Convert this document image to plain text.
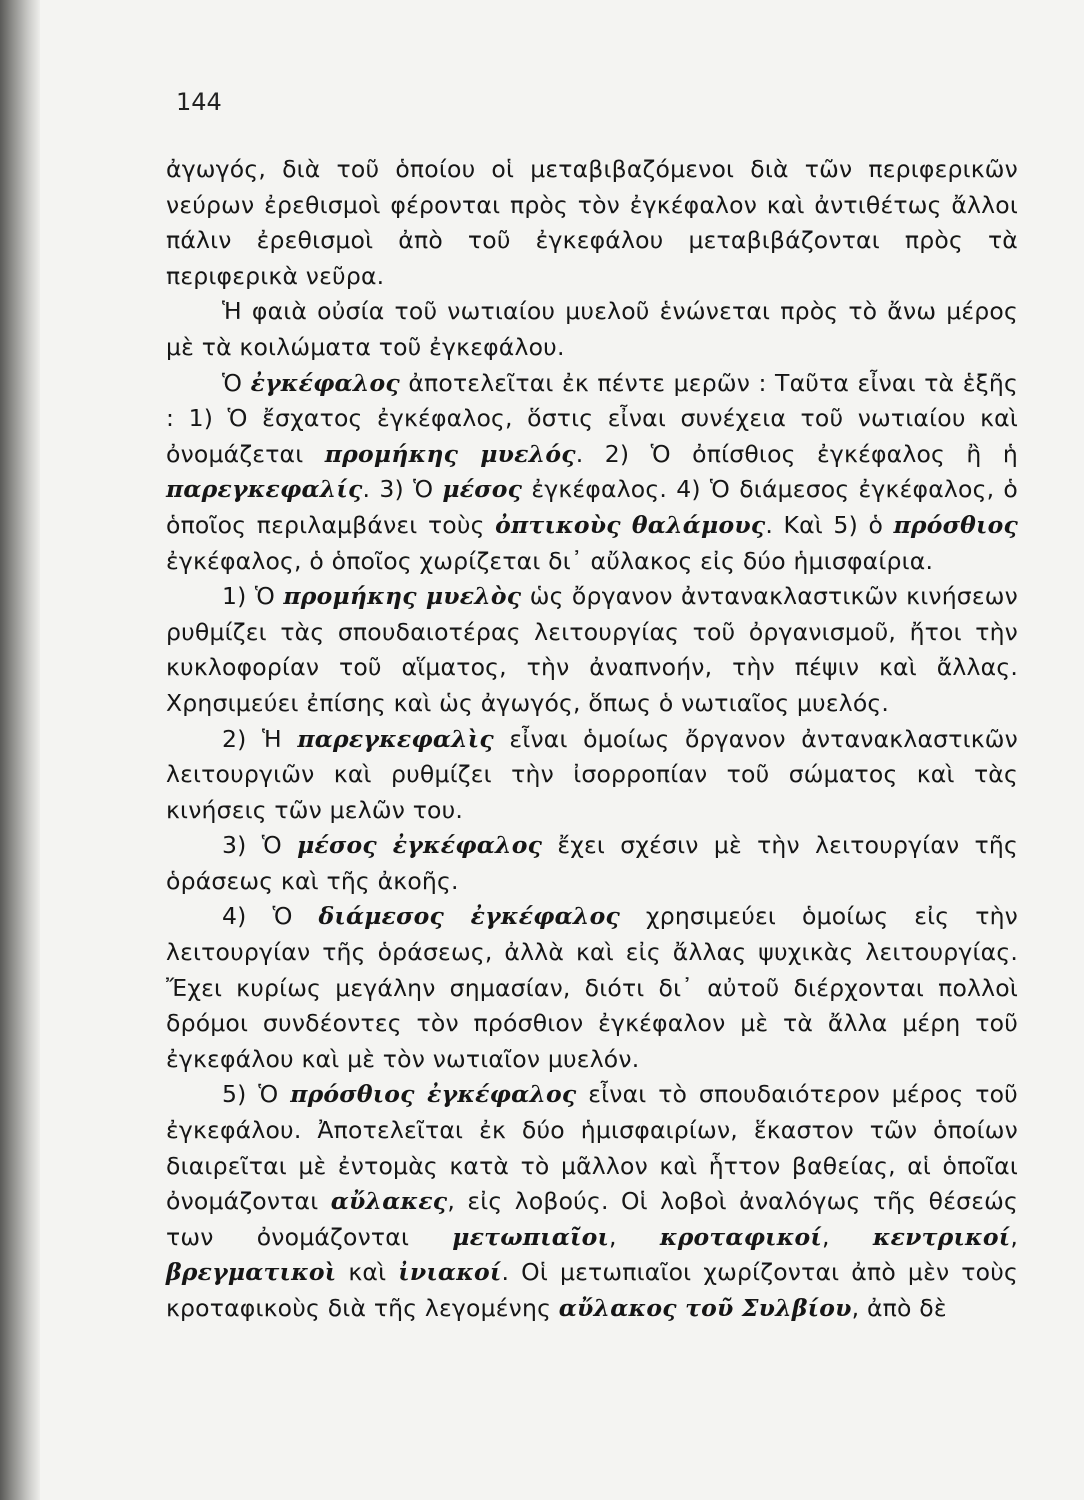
144

ἀγωγός, διὰ τοῦ ὁποίου οἱ μεταβιβαζόμενοι διὰ τῶν περιφερικῶν νεύρων ἐρεθισμοὶ φέρονται πρὸς τὸν ἐγκέφαλον καὶ ἀντιθέτως ἄλλοι πάλιν ἐρεθισμοὶ ἀπὸ τοῦ ἐγκεφάλου μεταβιβάζονται πρὸς τὰ περιφερικὰ νεῦρα.

Ἡ φαιὰ οὐσία τοῦ νωτιαίου μυελοῦ ἑνώνεται πρὸς τὸ ἄνω μέρος μὲ τὰ κοιλώματα τοῦ ἐγκεφάλου.

Ὁ ἐγκέφαλος ἀποτελεῖται ἐκ πέντε μερῶν : Ταῦτα εἶναι τὰ ἑξῆς : 1) Ὁ ἔσχατος ἐγκέφαλος, ὅστις εἶναι συνέχεια τοῦ νωτιαίου καὶ ὀνομάζεται προμήκης μυελός. 2) Ὁ ὀπίσθιος ἐγκέφαλος ἢ ἡ παρεγκεφαλίς. 3) Ὁ μέσος ἐγκέφαλος. 4) Ὁ διάμεσος ἐγκέφαλος, ὁ ὁποῖος περιλαμβάνει τοὺς ὀπτικοὺς θαλάμους. Καὶ 5) ὁ πρόσθιος ἐγκέφαλος, ὁ ὁποῖος χωρίζεται δι᾿ αὔλακος εἰς δύο ἡμισφαίρια.

1) Ὁ προμήκης μυελὸς ὡς ὄργανον ἀντανακλαστικῶν κινήσεων ρυθμίζει τὰς σπουδαιοτέρας λειτουργίας τοῦ ὀργανισμοῦ, ἤτοι τὴν κυκλοφορίαν τοῦ αἵματος, τὴν ἀναπνοήν, τὴν πέψιν καὶ ἄλλας. Χρησιμεύει ἐπίσης καὶ ὡς ἀγωγός, ὅπως ὁ νωτιαῖος μυελός.

2) Ἡ παρεγκεφαλὶς εἶναι ὁμοίως ὄργανον ἀντανακλαστικῶν λειτουργιῶν καὶ ρυθμίζει τὴν ἰσορροπίαν τοῦ σώματος καὶ τὰς κινήσεις τῶν μελῶν του.

3) Ὁ μέσος ἐγκέφαλος ἔχει σχέσιν μὲ τὴν λειτουργίαν τῆς ὁράσεως καὶ τῆς ἀκοῆς.

4) Ὁ διάμεσος ἐγκέφαλος χρησιμεύει ὁμοίως εἰς τὴν λειτουργίαν τῆς ὁράσεως, ἀλλὰ καὶ εἰς ἄλλας ψυχικὰς λειτουργίας. Ἔχει κυρίως μεγάλην σημασίαν, διότι δι᾿ αὐτοῦ διέρχονται πολλοὶ δρόμοι συνδέοντες τὸν πρόσθιον ἐγκέφαλον μὲ τὰ ἄλλα μέρη τοῦ ἐγκεφάλου καὶ μὲ τὸν νωτιαῖον μυελόν.

5) Ὁ πρόσθιος ἐγκέφαλος εἶναι τὸ σπουδαιότερον μέρος τοῦ ἐγκεφάλου. Ἀποτελεῖται ἐκ δύο ἡμισφαιρίων, ἕκαστον τῶν ὁποίων διαιρεῖται μὲ ἐντομὰς κατὰ τὸ μᾶλλον καὶ ἧττον βαθείας, αἱ ὁποῖαι ὀνομάζονται αὔλακες, εἰς λοβούς. Οἱ λοβοὶ ἀναλόγως τῆς θέσεώς των ὀνομάζονται μετωπιαῖοι, κροταφικοί, κεντρικοί, βρεγματικοὶ καὶ ἰνιακοί. Οἱ μετωπιαῖοι χωρίζονται ἀπὸ μὲν τοὺς κροταφικοὺς διὰ τῆς λεγομένης αὔλακος τοῦ Συλβίου, ἀπὸ δὲ
